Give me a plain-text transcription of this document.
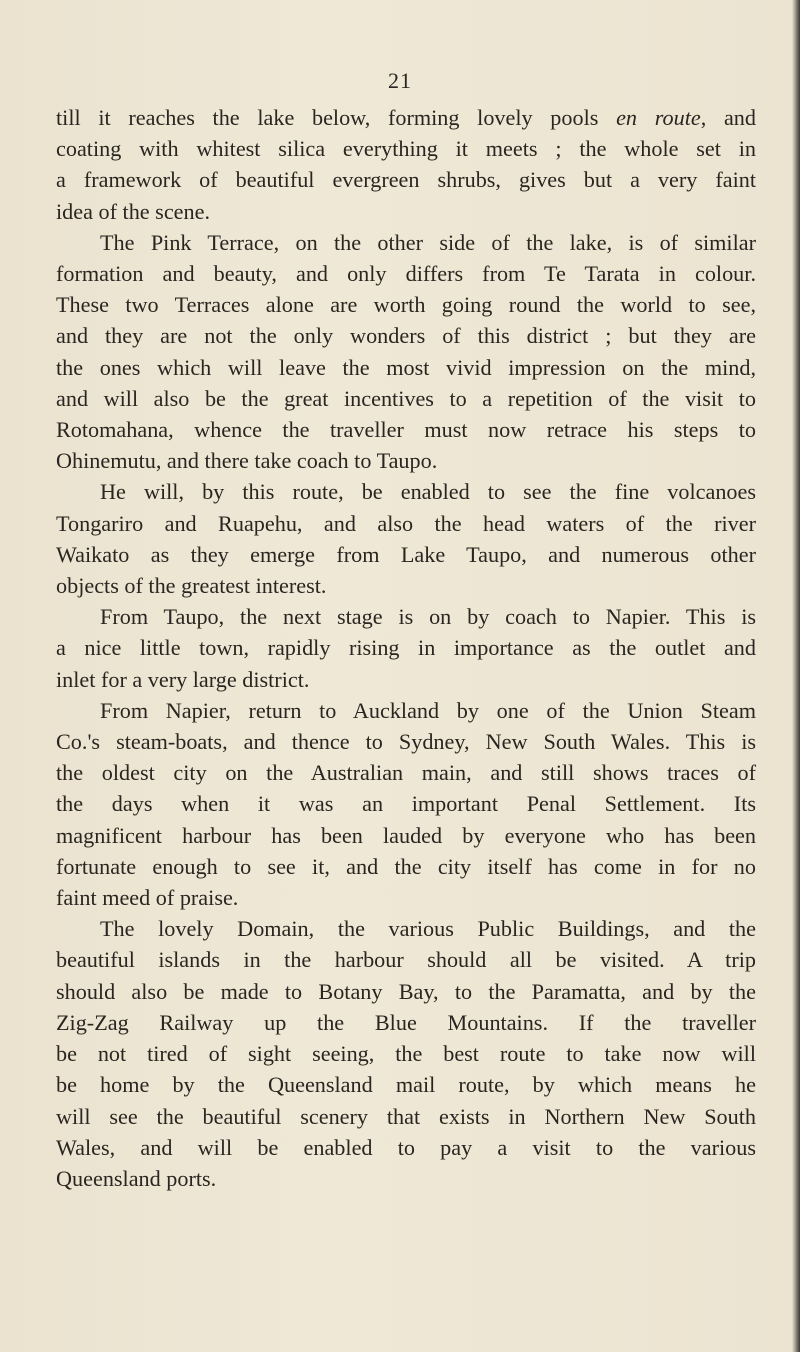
21
till it reaches the lake below, forming lovely pools en route, and
coating with whitest silica everything it meets ; the whole set in
a framework of beautiful evergreen shrubs, gives but a very faint
idea of the scene.
The Pink Terrace, on the other side of the lake, is of similar
formation and beauty, and only differs from Te Tarata in colour.
These two Terraces alone are worth going round the world to see,
and they are not the only wonders of this district ; but they are
the ones which will leave the most vivid impression on the mind,
and will also be the great incentives to a repetition of the visit to
Rotomahana, whence the traveller must now retrace his steps to
Ohinemutu, and there take coach to Taupo.
He will, by this route, be enabled to see the fine volcanoes
Tongariro and Ruapehu, and also the head waters of the river
Waikato as they emerge from Lake Taupo, and numerous other
objects of the greatest interest.
From Taupo, the next stage is on by coach to Napier. This is
a nice little town, rapidly rising in importance as the outlet and
inlet for a very large district.
From Napier, return to Auckland by one of the Union Steam
Co.'s steam-boats, and thence to Sydney, New South Wales. This is
the oldest city on the Australian main, and still shows traces of
the days when it was an important Penal Settlement. Its
magnificent harbour has been lauded by everyone who has been
fortunate enough to see it, and the city itself has come in for no
faint meed of praise.
The lovely Domain, the various Public Buildings, and the
beautiful islands in the harbour should all be visited. A trip
should also be made to Botany Bay, to the Paramatta, and by the
Zig-Zag Railway up the Blue Mountains. If the traveller
be not tired of sight seeing, the best route to take now will
be home by the Queensland mail route, by which means he
will see the beautiful scenery that exists in Northern New South
Wales, and will be enabled to pay a visit to the various
Queensland ports.
